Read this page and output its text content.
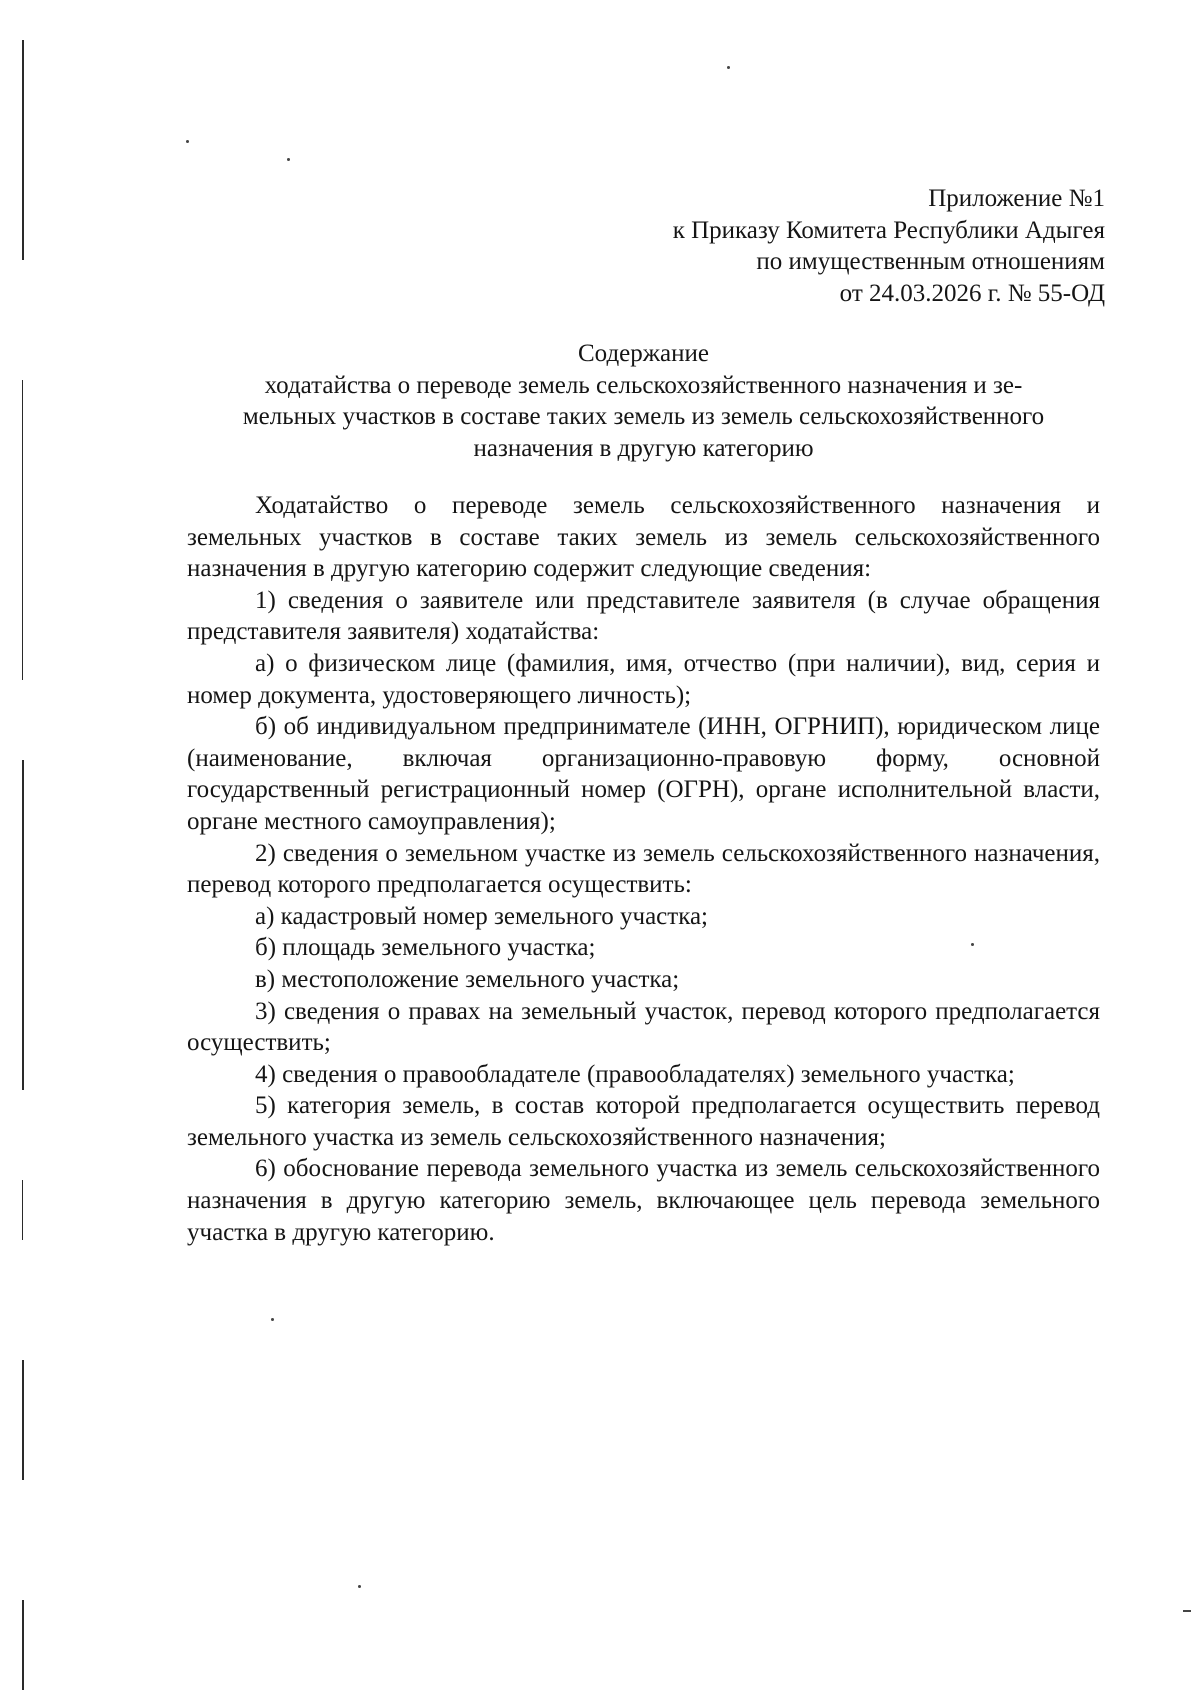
Приложение №1
к Приказу Комитета Республики Адыгея
по имущественным отношениям
от 24.03.2026 г. № 55-ОД
Содержание
ходатайства о переводе земель сельскохозяйственного назначения и зе-
мельных участков в составе таких земель из земель сельскохозяйственного
назначения в другую категорию

Ходатайство о переводе земель сельскохозяйственного назначения и земельных участков в составе таких земель из земель сельскохозяйственного назначения в другую категорию содержит следующие сведения:

1) сведения о заявителе или представителе заявителя (в случае обращения представителя заявителя) ходатайства:

а) о физическом лице (фамилия, имя, отчество (при наличии), вид, серия и номер документа, удостоверяющего личность);

б) об индивидуальном предпринимателе (ИНН, ОГРНИП), юридическом лице (наименование, включая организационно-правовую форму, основной государственный регистрационный номер (ОГРН), органе исполнительной власти, органе местного самоуправления);

2) сведения о земельном участке из земель сельскохозяйственного назначения, перевод которого предполагается осуществить:

а) кадастровый номер земельного участка;

б) площадь земельного участка;

в) местоположение земельного участка;

3) сведения о правах на земельный участок, перевод которого предполагается осуществить;

4) сведения о правообладателе (правообладателях) земельного участка;

5) категория земель, в состав которой предполагается осуществить перевод земельного участка из земель сельскохозяйственного назначения;

6) обоснование перевода земельного участка из земель сельскохозяйственного назначения в другую категорию земель, включающее цель перевода земельного участка в другую категорию.
